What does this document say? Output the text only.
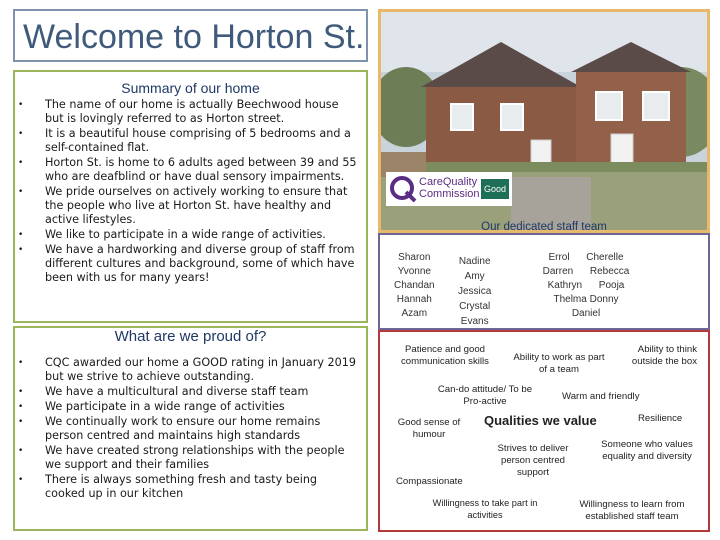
Welcome to Horton St.
Summary of our home
• The name of our home is actually Beechwood house but is lovingly referred to as Horton street.
• It is a beautiful house comprising of 5 bedrooms and a self-contained flat.
• Horton St. is home to 6 adults aged between 39 and 55 who are deafblind or have dual sensory impairments.
• We pride ourselves on actively working to ensure that the people who live at Horton St. have healthy and active lifestyles.
• We like to participate in a wide range of activities.
• We have a hardworking and diverse group of staff from different cultures and background, some of which have been with us for many years!
What are we proud of?
• CQC awarded our home a GOOD rating in January 2019 but we strive to achieve outstanding.
• We have a multicultural and diverse staff team
• We participate in a wide range of activities
• We continually work to ensure our home remains person centred and maintains high standards
• We have created strong relationships with the people we support and their families
• There is always something fresh and tasty being cooked up in our kitchen
CareQuality
Commission Good
Our dedicated staff team
Sharon
Yvonne
Chandan
Hannah
Azam
Nadine
Amy
Jessica
Crystal
Evans
Errol Cherelle
Darren Rebecca
Kathryn Pooja
Thelma Donny
Daniel
Patience and good communication skills	Ability to work as part of a team
Ability to think outside the box
Can-do attitude/ To be Pro-active	Warm and friendly
Resilience
Good sense of humour
Qualities we value
Strives to deliver person centred support
Someone who values equality and diversity
Compassionate
Willingness to take part in activities
Willingness to learn from established staff team
